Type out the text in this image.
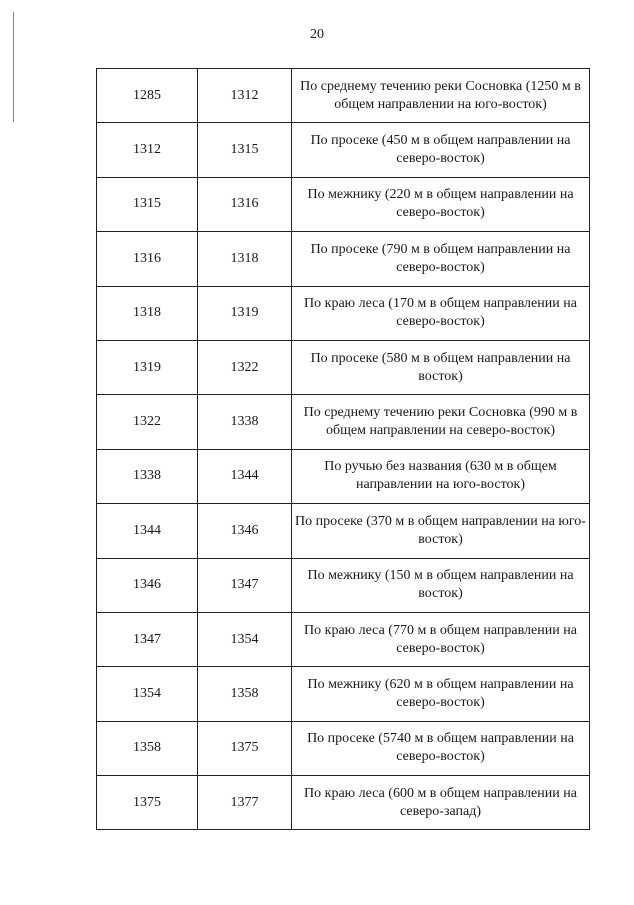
20
1285	1312	По среднему течению реки Сосновка (1250 м в общем направлении на юго-восток)
1312	1315	По просеке (450 м в общем направлении на северо-восток)
1315	1316	По межнику (220 м в общем направлении на северо-восток)
1316	1318	По просеке (790 м в общем направлении на северо-восток)
1318	1319	По краю леса (170 м в общем направлении на северо-восток)
1319	1322	По просеке (580 м в общем направлении на восток)
1322	1338	По среднему течению реки Сосновка (990 м в общем направлении на северо-восток)
1338	1344	По ручью без названия (630 м в общем направлении на юго-восток)
1344	1346	По просеке (370 м в общем направлении на юго-восток)
1346	1347	По межнику (150 м в общем направлении на восток)
1347	1354	По краю леса (770 м в общем направлении на северо-восток)
1354	1358	По межнику (620 м в общем направлении на северо-восток)
1358	1375	По просеке (5740 м в общем направлении на северо-восток)
1375	1377	По краю леса (600 м в общем направлении на северо-запад)
